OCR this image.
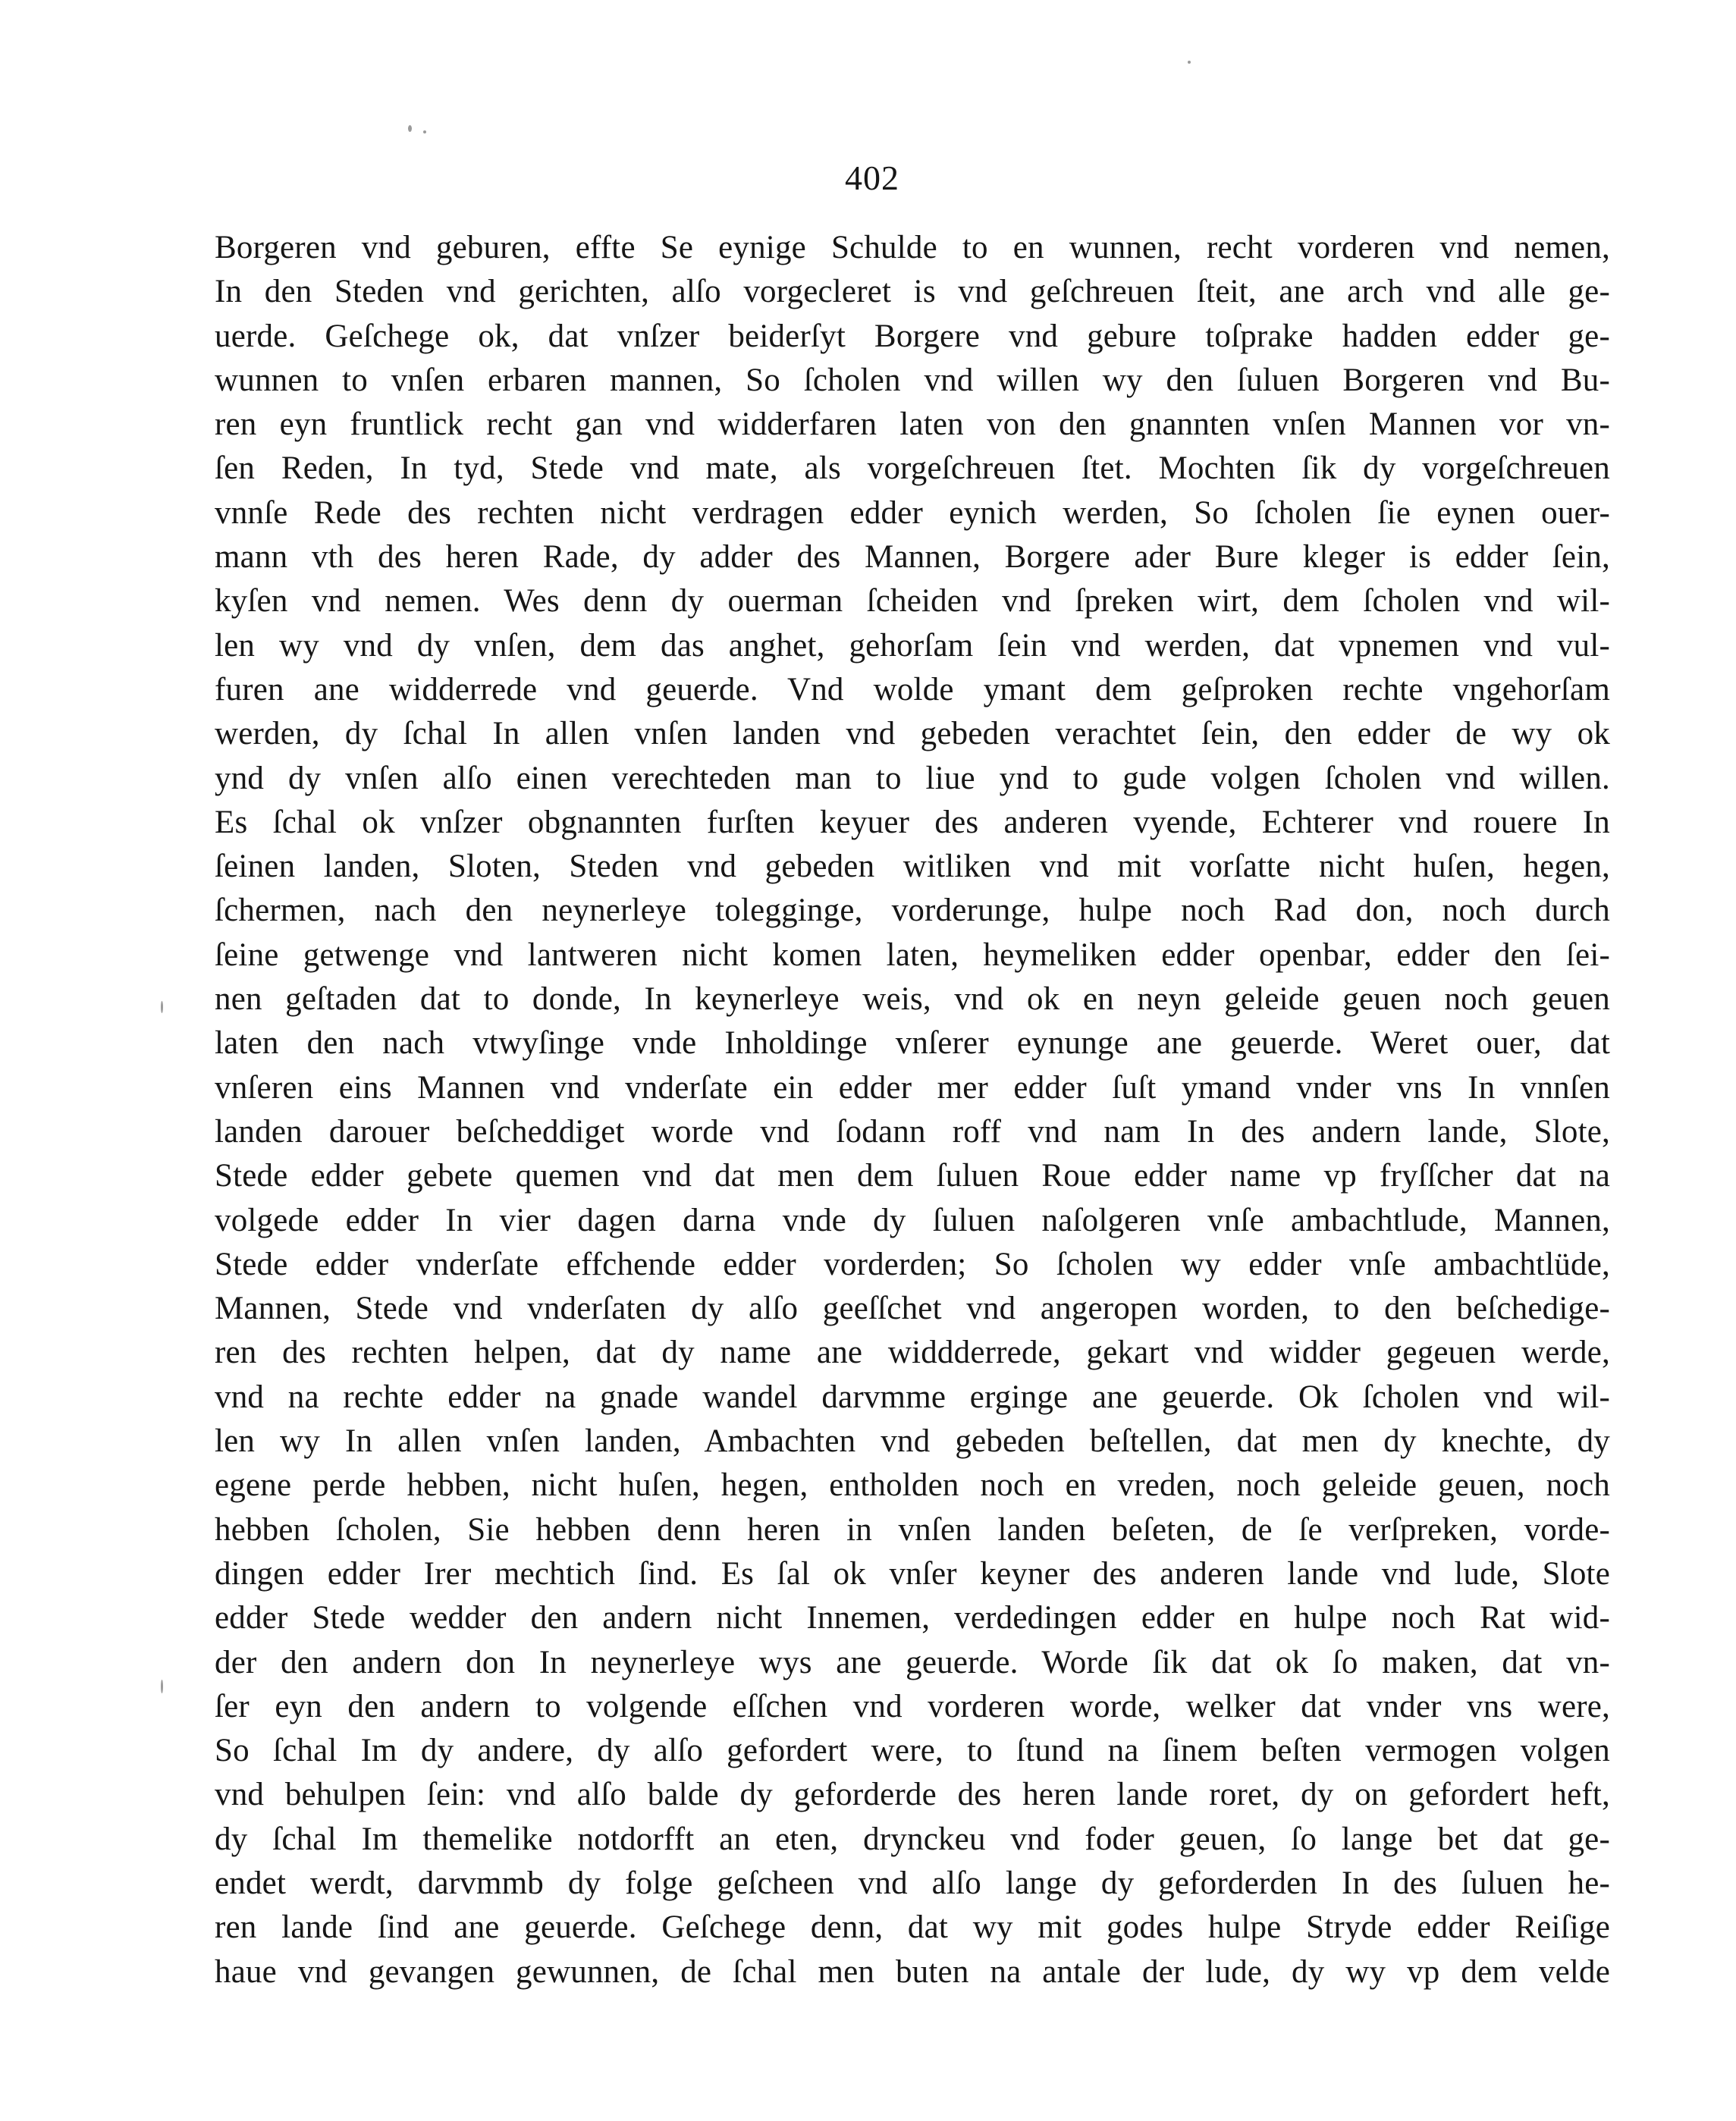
402
Borgeren vnd geburen, effte Se eynige Schulde to en wunnen, recht vorderen vnd nemen,
In den Steden vnd gerichten, alſo vorgecleret is vnd geſchreuen ſteit, ane arch vnd alle ge-
uerde. Geſchege ok, dat vnſzer beiderſyt Borgere vnd gebure toſprake hadden edder ge-
wunnen to vnſen erbaren mannen, So ſcholen vnd willen wy den ſuluen Borgeren vnd Bu-
ren eyn fruntlick recht gan vnd widderfaren laten von den gnannten vnſen Mannen vor vn-
ſen Reden, In tyd, Stede vnd mate, als vorgeſchreuen ſtet. Mochten ſik dy vorgeſchreuen
vnnſe Rede des rechten nicht verdragen edder eynich werden, So ſcholen ſie eynen ouer-
mann vth des heren Rade, dy adder des Mannen, Borgere ader Bure kleger is edder ſein,
kyſen vnd nemen. Wes denn dy ouerman ſcheiden vnd ſpreken wirt, dem ſcholen vnd wil-
len wy vnd dy vnſen, dem das anghet, gehorſam ſein vnd werden, dat vpnemen vnd vul-
furen ane widderrede vnd geuerde. Vnd wolde ymant dem geſproken rechte vngehorſam
werden, dy ſchal In allen vnſen landen vnd gebeden verachtet ſein, den edder de wy ok
ynd dy vnſen alſo einen verechteden man to liue ynd to gude volgen ſcholen vnd willen.
Es ſchal ok vnſzer obgnannten furſten keyuer des anderen vyende, Echterer vnd rouere In
ſeinen landen, Sloten, Steden vnd gebeden witliken vnd mit vorſatte nicht huſen, hegen,
ſchermen, nach den neynerleye toleggingе, vorderunge, hulpe noch Rad don, noch durch
ſeine getwenge vnd lantweren nicht komen laten, heymeliken edder openbar, edder den ſei-
nen geſtaden dat to donde, In keynerleye weis, vnd ok en neyn geleide geuen noch geuen
laten den nach vtwyſinge vnde Inholdinge vnſerer eynunge ane geuerde. Weret ouer, dat
vnſeren eins Mannen vnd vnderſate ein edder mer edder ſuſt ymand vnder vns In vnnſen
landen darouer beſcheddiget worde vnd ſodann roff vnd nam In des andern lande, Slote,
Stede edder gebete quemen vnd dat men dem ſuluen Roue edder name vp fryſſcher dat na
volgede edder In vier dagen darna vnde dy ſuluen naſolgeren vnſe ambachtlude, Mannen,
Stede edder vnderſate effchende edder vorderden; So ſcholen wy edder vnſe ambachtlüde,
Mannen, Stede vnd vnderſaten dy alſo geeſſchet vnd angeropen worden, to den beſchedige-
ren des rechten helpen, dat dy name ane widdderrede, gekart vnd widder gegeuen werde,
vnd na rechte edder na gnade wandel darvmme erginge ane geuerde. Ok ſcholen vnd wil-
len wy In allen vnſen landen, Ambachten vnd gebeden beſtellen, dat men dy knechte, dy
egene perde hebben, nicht huſen, hegen, entholden noch en vreden, noch geleide geuen, noch
hebben ſcholen, Sie hebben denn heren in vnſen landen beſeten, de ſe verſpreken, vorde-
dingen edder Irer mechtich ſind. Es ſal ok vnſer keyner des anderen lande vnd lude, Slote
edder Stede wedder den andern nicht Innemen, verdedingen edder en hulpe noch Rat wid-
der den andern don In neynerleye wys ane geuerde. Worde ſik dat ok ſo maken, dat vn-
ſer eyn den andern to volgende eſſchen vnd vorderen worde, welker dat vnder vns were,
So ſchal Im dy andere, dy alſo gefordert were, to ſtund na ſinem beſten vermogen volgen
vnd behulpen ſein: vnd alſo balde dy geforderde des heren lande roret, dy on gefordert heft,
dy ſchal Im themelike notdorfft an eten, drynckeu vnd foder geuen, ſo lange bet dat ge-
endet werdt, darvmmb dy folge geſcheen vnd alſo lange dy geforderden In des ſuluen he-
ren lande ſind ane geuerde. Geſchege denn, dat wy mit godes hulpe Stryde edder Reiſige
haue vnd gevangen gewunnen, de ſchal men buten na antale der lude, dy wy vp dem velde
